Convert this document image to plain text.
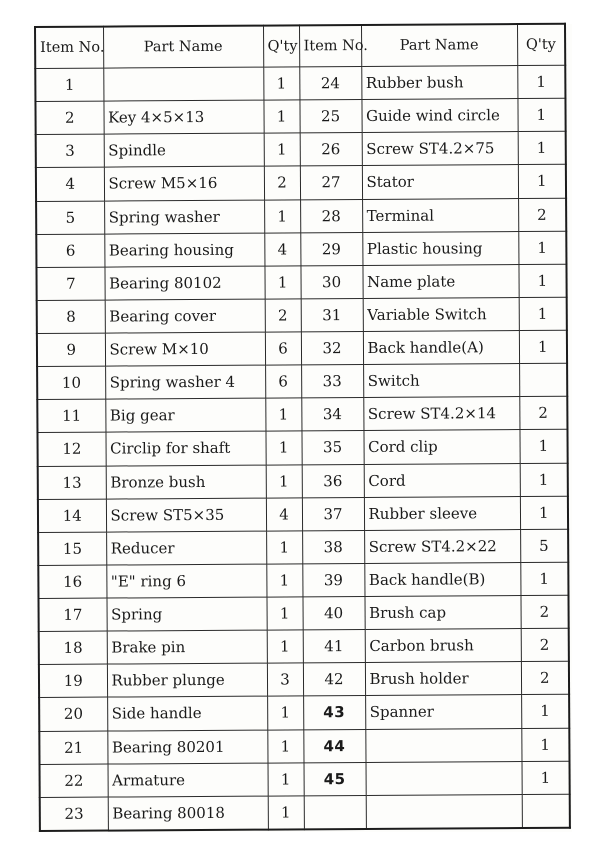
Item No.	Part Name	Q'ty	Item No.	Part Name	Q'ty
1		1	24	Rubber bush	1
2	Key 4×5×13	1	25	Guide wind circle	1
3	Spindle	1	26	Screw ST4.2×75	1
4	Screw M5×16	2	27	Stator	1
5	Spring washer	1	28	Terminal	2
6	Bearing housing	4	29	Plastic housing	1
7	Bearing 80102	1	30	Name plate	1
8	Bearing cover	2	31	Variable Switch	1
9	Screw M×10	6	32	Back handle(A)	1
10	Spring washer 4	6	33	Switch	
11	Big gear	1	34	Screw ST4.2×14	2
12	Circlip for shaft	1	35	Cord clip	1
13	Bronze bush	1	36	Cord	1
14	Screw ST5×35	4	37	Rubber sleeve	1
15	Reducer	1	38	Screw ST4.2×22	5
16	"E" ring 6	1	39	Back handle(B)	1
17	Spring	1	40	Brush cap	2
18	Brake pin	1	41	Carbon brush	2
19	Rubber plunge	3	42	Brush holder	2
20	Side handle	1	43	Spanner	1
21	Bearing 80201	1	44		1
22	Armature	1	45		1
23	Bearing 80018	1			
